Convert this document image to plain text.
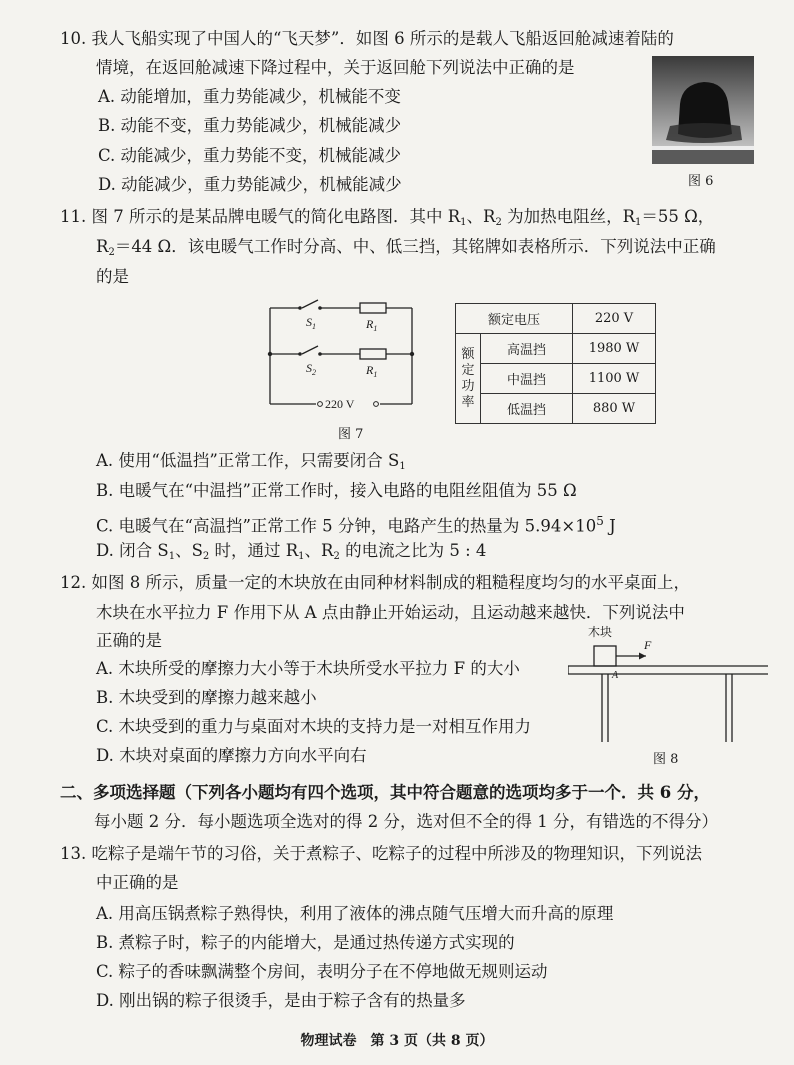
10. 我人飞船实现了中国人的“飞天梦”．如图 6 所示的是载人飞船返回舱减速着陆的
情境，在返回舱减速下降过程中，关于返回舱下列说法中正确的是
A. 动能增加，重力势能减少，机械能不变
B. 动能不变，重力势能减少，机械能减少
C. 动能减少，重力势能不变，机械能减少
D. 动能减少，重力势能减少，机械能减少	图 6
11. 图 7 所示的是某品牌电暖气的简化电路图．其中 $R_1$、$R_2$ 为加热电阻丝，$R_1=55$ Ω，
$R_2=44$ Ω．该电暖气工作时分高、中、低三挡，其铭牌如表格所示．下列说法中正确
的是
$S_1$	$R_1$
$S_2$	$R_1$
220 V
图 7
额定电压		220 V
额
定
功
率	高温挡	1980 W
	中温挡	1100 W
	低温挡	880 W
A. 使用“低温挡”正常工作，只需要闭合 $S_1$
B. 电暖气在“中温挡”正常工作时，接入电路的电阻丝阻值为 55 Ω
C. 电暖气在“高温挡”正常工作 5 分钟，电路产生的热量为 $5.94\times 10^5$ J
D. 闭合 $S_1$、$S_2$ 时，通过 $R_1$、$R_2$ 的电流之比为 5 : 4
12. 如图 8 所示，质量一定的木块放在由同种材料制成的粗糙程度均匀的水平桌面上，
木块在水平拉力 F 作用下从 A 点由静止开始运动，且运动越来越快．下列说法中
正确的是
A. 木块所受的摩擦力大小等于木块所受水平拉力 F 的大小
B. 木块受到的摩擦力越来越小
C. 木块受到的重力与桌面对木块的支持力是一对相互作用力
D. 木块对桌面的摩擦力方向水平向右
木块
F
A
图 8
二、多项选择题（下列各小题均有四个选项，其中符合题意的选项均多于一个．共 6 分，
每小题 2 分．每小题选项全选对的得 2 分，选对但不全的得 1 分，有错选的不得分）
13. 吃粽子是端午节的习俗，关于煮粽子、吃粽子的过程中所涉及的物理知识，下列说法
中正确的是
A. 用高压锅煮粽子熟得快，利用了液体的沸点随气压增大而升高的原理
B. 煮粽子时，粽子的内能增大，是通过热传递方式实现的
C. 粽子的香味飘满整个房间，表明分子在不停地做无规则运动
D. 刚出锅的粽子很烫手，是由于粽子含有的热量多
物理试卷　第 3 页（共 8 页）
